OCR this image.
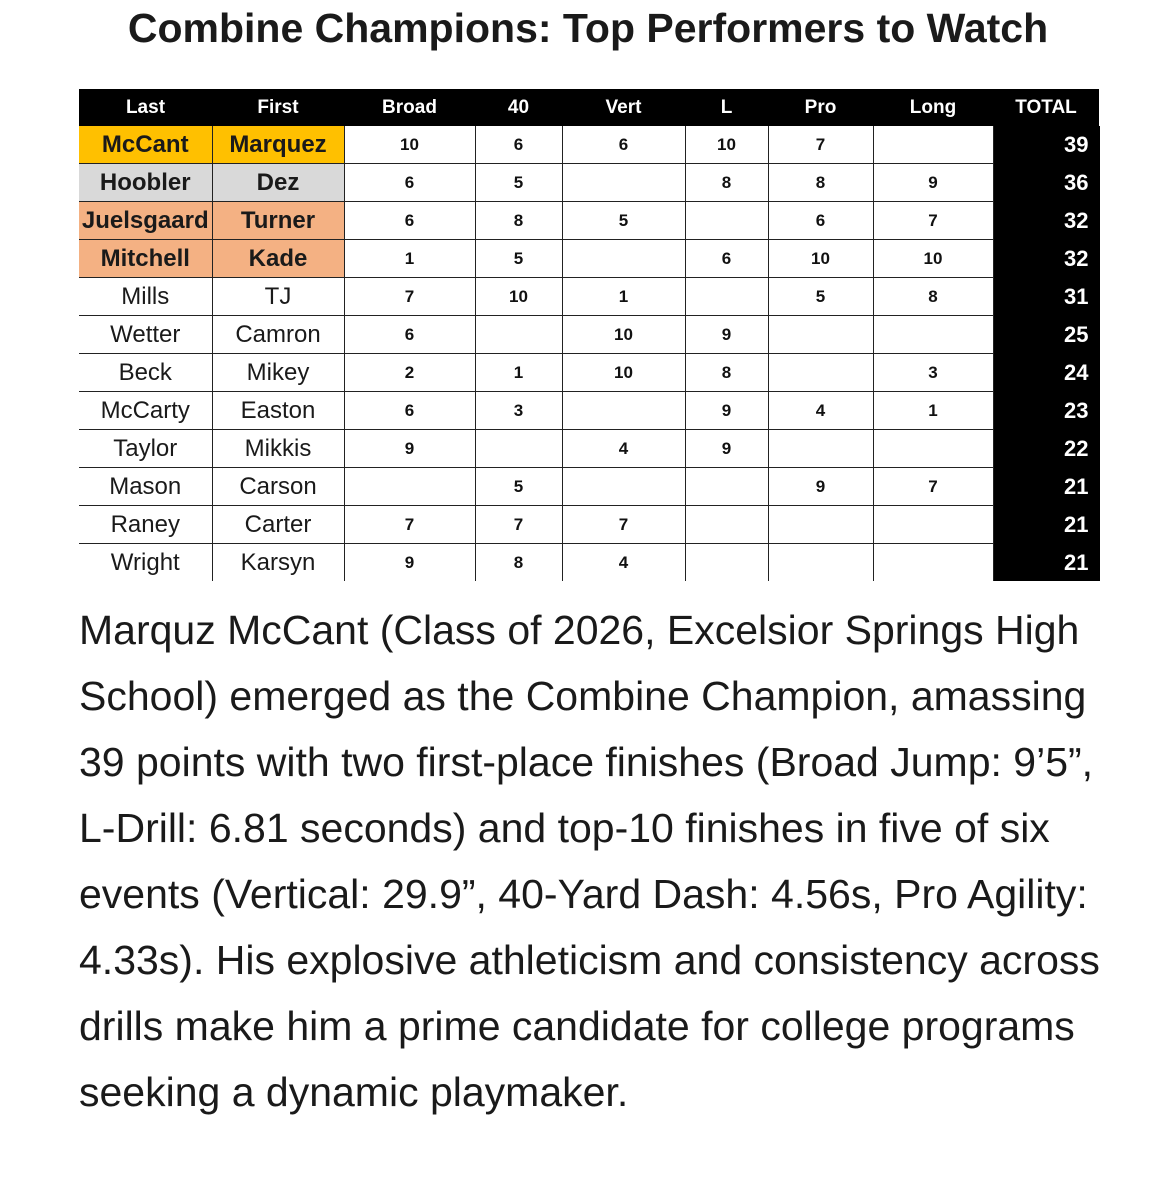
Combine Champions: Top Performers to Watch
Last	First	Broad	40	Vert	L	Pro	Long	TOTAL
McCant	Marquez	10	6	6	10	7		39
Hoobler	Dez	6	5		8	8	9	36
Juelsgaard	Turner	6	8	5		6	7	32
Mitchell	Kade	1	5		6	10	10	32
Mills	TJ	7	10	1		5	8	31
Wetter	Camron	6		10	9			25
Beck	Mikey	2	1	10	8		3	24
McCarty	Easton	6	3		9	4	1	23
Taylor	Mikkis	9		4	9			22
Mason	Carson		5			9	7	21
Raney	Carter	7	7	7				21
Wright	Karsyn	9	8	4				21

Marquz McCant (Class of 2026, Excelsior Springs High School) emerged as the Combine Champion, amassing 39 points with two first-place finishes (Broad Jump: 9’5”, L-Drill: 6.81 seconds) and top-10 finishes in five of six events (Vertical: 29.9”, 40-Yard Dash: 4.56s, Pro Agility: 4.33s). His explosive athleticism and consistency across drills make him a prime candidate for college programs seeking a dynamic playmaker.
